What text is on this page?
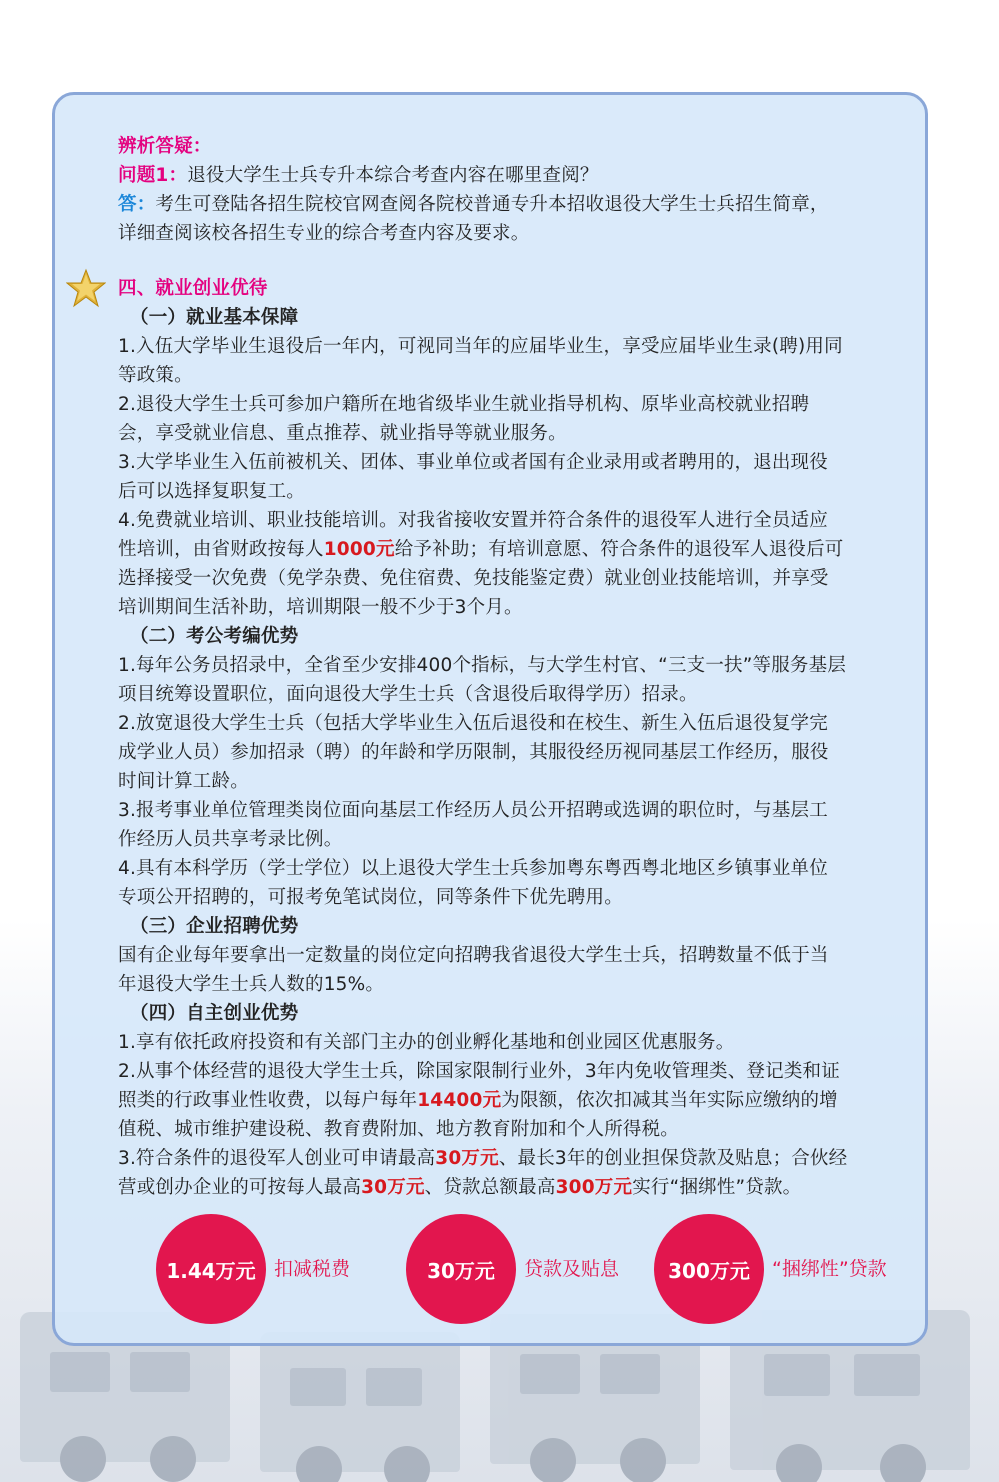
辨析答疑：
问题1：退役大学生士兵专升本综合考查内容在哪里查阅？
答：考生可登陆各招生院校官网查阅各院校普通专升本招收退役大学生士兵招生简章，
详细查阅该校各招生专业的综合考查内容及要求。
四、就业创业优待
（一）就业基本保障
1.入伍大学毕业生退役后一年内，可视同当年的应届毕业生，享受应届毕业生录(聘)用同
等政策。
2.退役大学生士兵可参加户籍所在地省级毕业生就业指导机构、原毕业高校就业招聘
会，享受就业信息、重点推荐、就业指导等就业服务。
3.大学毕业生入伍前被机关、团体、事业单位或者国有企业录用或者聘用的，退出现役
后可以选择复职复工。
4.免费就业培训、职业技能培训。对我省接收安置并符合条件的退役军人进行全员适应
性培训，由省财政按每人1000元给予补助；有培训意愿、符合条件的退役军人退役后可
选择接受一次免费（免学杂费、免住宿费、免技能鉴定费）就业创业技能培训，并享受
培训期间生活补助，培训期限一般不少于3个月。
（二）考公考编优势
1.每年公务员招录中，全省至少安排400个指标，与大学生村官、“三支一扶”等服务基层
项目统筹设置职位，面向退役大学生士兵（含退役后取得学历）招录。
2.放宽退役大学生士兵（包括大学毕业生入伍后退役和在校生、新生入伍后退役复学完
成学业人员）参加招录（聘）的年龄和学历限制，其服役经历视同基层工作经历，服役
时间计算工龄。
3.报考事业单位管理类岗位面向基层工作经历人员公开招聘或选调的职位时，与基层工
作经历人员共享考录比例。
4.具有本科学历（学士学位）以上退役大学生士兵参加粤东粤西粤北地区乡镇事业单位
专项公开招聘的，可报考免笔试岗位，同等条件下优先聘用。
（三）企业招聘优势
国有企业每年要拿出一定数量的岗位定向招聘我省退役大学生士兵，招聘数量不低于当
年退役大学生士兵人数的15%。
（四）自主创业优势
1.享有依托政府投资和有关部门主办的创业孵化基地和创业园区优惠服务。
2.从事个体经营的退役大学生士兵，除国家限制行业外，3年内免收管理类、登记类和证
照类的行政事业性收费，以每户每年14400元为限额，依次扣减其当年实际应缴纳的增
值税、城市维护建设税、教育费附加、地方教育附加和个人所得税。
3.符合条件的退役军人创业可申请最高30万元、最长3年的创业担保贷款及贴息；合伙经
营或创办企业的可按每人最高30万元、贷款总额最高300万元实行“捆绑性”贷款。
1.44万元 扣减税费	30万元	贷款及贴息	300万元	“捆绑性”贷款
